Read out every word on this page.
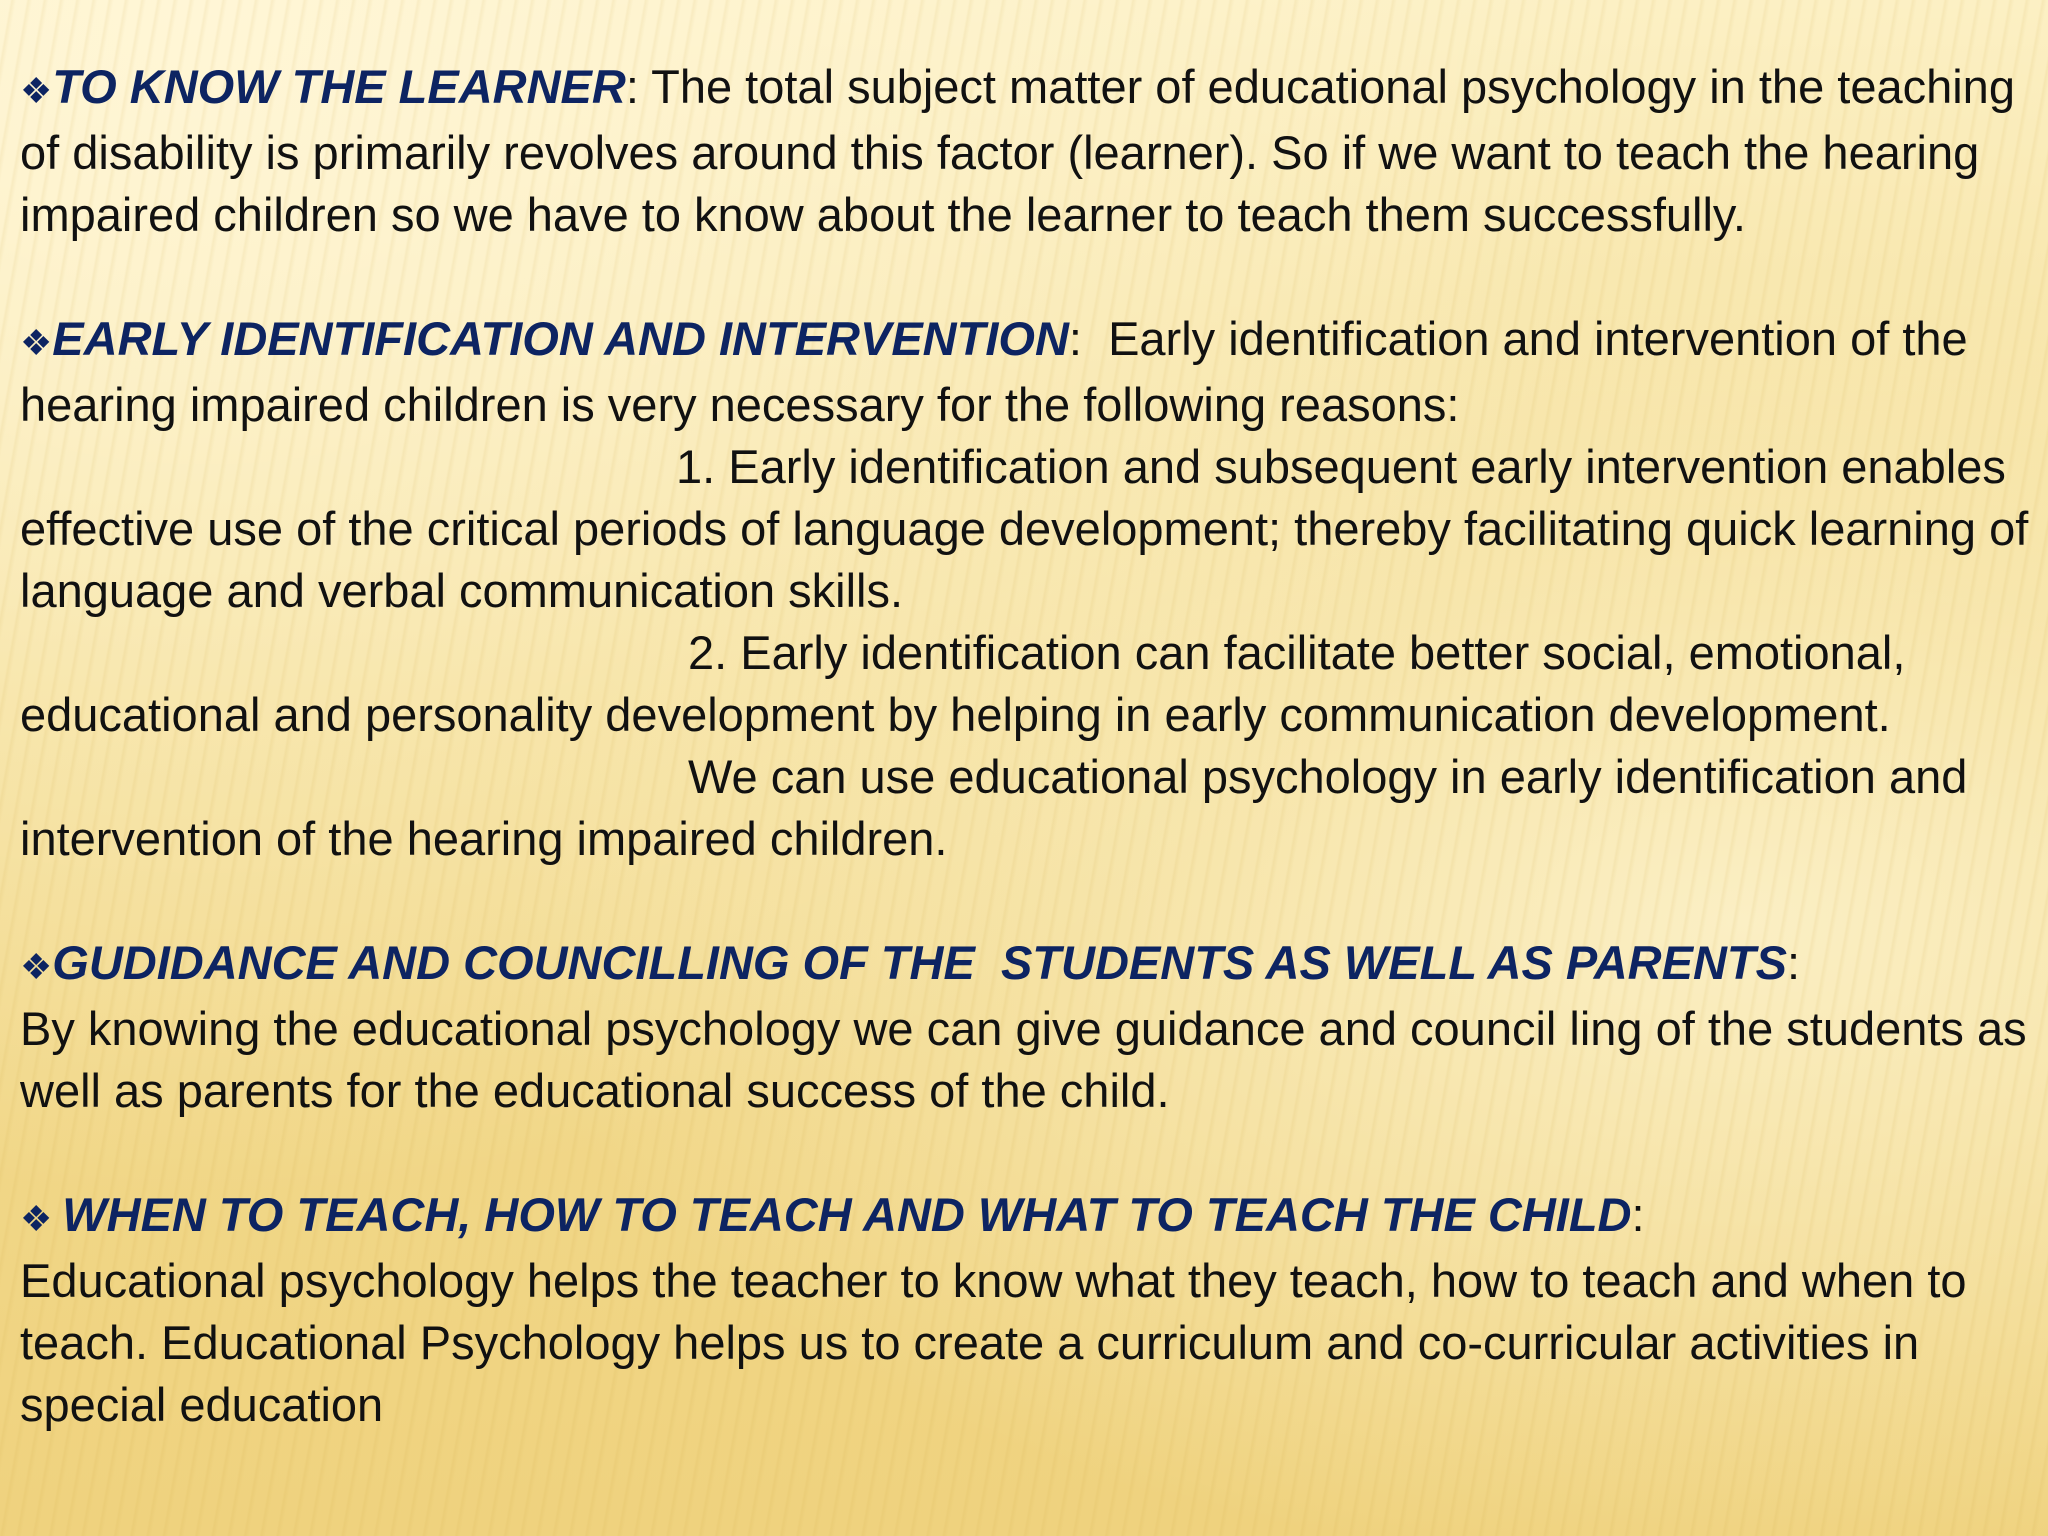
❖TO KNOW THE LEARNER: The total subject matter of educational psychology in the teaching of disability is primarily revolves around this factor (learner). So if we want to teach the hearing impaired children so we have to know about the learner to teach them successfully.
❖EARLY IDENTIFICATION AND INTERVENTION:  Early identification and intervention of the hearing impaired children is very necessary for the following reasons:
1. Early identification and subsequent early intervention enables effective use of the critical periods of language development; thereby facilitating quick learning of language and verbal communication skills.
2. Early identification can facilitate better social, emotional, educational and personality development by helping in early communication development.
We can use educational psychology in early identification and intervention of the hearing impaired children.
❖GUDIDANCE AND COUNCILLING OF THE  STUDENTS AS WELL AS PARENTS:
By knowing the educational psychology we can give guidance and council ling of the students as well as parents for the educational success of the child.
❖ WHEN TO TEACH, HOW TO TEACH AND WHAT TO TEACH THE CHILD:
Educational psychology helps the teacher to know what they teach, how to teach and when to teach. Educational Psychology helps us to create a curriculum and co-curricular activities in special education
